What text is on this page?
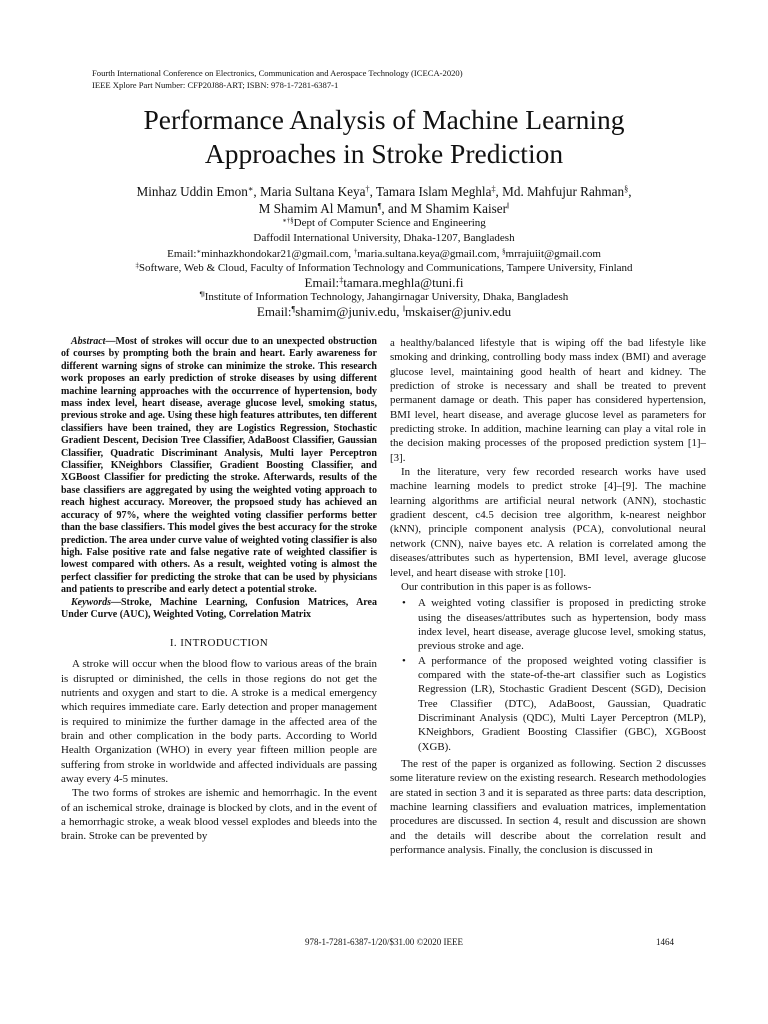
Fourth International Conference on Electronics, Communication and Aerospace Technology (ICECA-2020)
IEEE Xplore Part Number: CFP20J88-ART; ISBN: 978-1-7281-6387-1
Performance Analysis of Machine Learning
Approaches in Stroke Prediction
Minhaz Uddin Emon∗, Maria Sultana Keya†, Tamara Islam Meghla‡, Md. Mahfujur Rahman§,
M Shamim Al Mamun¶, and M Shamim Kaiser‖
∗†§Dept of Computer Science and Engineering
Daffodil International University, Dhaka-1207, Bangladesh
Email:∗minhazkhondokar21@gmail.com, †maria.sultana.keya@gmail.com, §mrrajuiit@gmail.com
‡Software, Web & Cloud, Faculty of Information Technology and Communications, Tampere University, Finland
Email:‡tamara.meghla@tuni.fi
¶‖Institute of Information Technology, Jahangirnagar University, Dhaka, Bangladesh
Email:¶shamim@juniv.edu, ‖mskaiser@juniv.edu

Abstract—Most of strokes will occur due to an unexpected obstruction of courses by prompting both the brain and heart. Early awareness for different warning signs of stroke can minimize the stroke. This research work proposes an early prediction of stroke diseases by using different machine learning approaches with the occurrence of hypertension, body mass index level, heart disease, average glucose level, smoking status, previous stroke and age. Using these high features attributes, ten different classifiers have been trained, they are Logistics Regression, Stochastic Gradient Descent, Decision Tree Classifier, AdaBoost Classifier, Gaussian Classifier, Quadratic Discriminant Analysis, Multi layer Perceptron Classifier, KNeighbors Classifier, Gradient Boosting Classifier, and XGBoost Classifier for predicting the stroke. Afterwards, results of the base classifiers are aggregated by using the weighted voting approach to reach highest accuracy. Moreover, the propsoed study has achieved an accuracy of 97%, where the weighted voting classifier performs better than the base classifiers. This model gives the best accuracy for the stroke prediction. The area under curve value of weighted voting classifier is also high. False positive rate and false negative rate of weighted classifier is lowest compared with others. As a result, weighted voting is almost the perfect classifier for predicting the stroke that can be used by physicians and patients to prescribe and early detect a potential stroke.

Keywords—Stroke, Machine Learning, Confusion Matrices, Area Under Curve (AUC), Weighted Voting, Correlation Matrix

I. INTRODUCTION

A stroke will occur when the blood flow to various areas of the brain is disrupted or diminished, the cells in those regions do not get the nutrients and oxygen and start to die. A stroke is a medical emergency which requires immediate care. Early detection and proper management is required to minimize the further damage in the affected area of the brain and other complication in the body parts. According to World Health Organization (WHO) in every year fifteen million people are suffering from stroke in worldwide and affected individuals are passing away every 4-5 minutes.

The two forms of strokes are ishemic and hemorrhagic. In the event of an ischemical stroke, drainage is blocked by clots, and in the event of a hemorrhagic stroke, a weak blood vessel explodes and bleeds into the brain. Stroke can be prevented by

a healthy/balanced lifestyle that is wiping off the bad lifestyle like smoking and drinking, controlling body mass index (BMI) and average glucose level, maintaining good health of heart and kidney. The prediction of stroke is necessary and shall be treated to prevent permanent damage or death. This paper has considered hypertension, BMI level, heart disease, and average glucose level as parameters for predicting stroke. In addition, machine learning can play a vital role in the decision making processes of the proposed prediction system [1]–[3].

In the literature, very few recorded research works have used machine learning models to predict stroke [4]–[9]. The machine learning algorithms are artificial neural network (ANN), stochastic gradient descent, c4.5 decision tree algorithm, k-nearest neighbor (kNN), principle component analysis (PCA), convolutional neural network (CNN), naive bayes etc. A relation is correlated among the diseases/attributes such as hypertension, BMI level, average glucose level, and heart disease with stroke [10].

Our contribution in this paper is as follows-

• A weighted voting classifier is proposed in predicting stroke using the diseases/attributes such as hypertension, body mass index level, heart disease, average glucose level, smoking status, previous stroke and age.
• A performance of the proposed weighted voting classifier is compared with the state-of-the-art classifier such as Logistics Regression (LR), Stochastic Gradient Descent (SGD), Decision Tree Classifier (DTC), AdaBoost, Gaussian, Quadratic Discriminant Analysis (QDC), Multi Layer Perceptron (MLP), KNeighbors, Gradient Boosting Classifier (GBC), XGBoost (XGB).

The rest of the paper is organized as following. Section 2 discusses some literature review on the existing research. Research methodologies are stated in section 3 and it is separated as three parts: data description, machine learning classifiers and evaluation matrices, implementation procedures are discussed. In section 4, result and discussion are shown and the details will describe about the correlation result and performance analysis. Finally, the conclusion is discussed in

978-1-7281-6387-1/20/$31.00 ©2020 IEEE	1464
